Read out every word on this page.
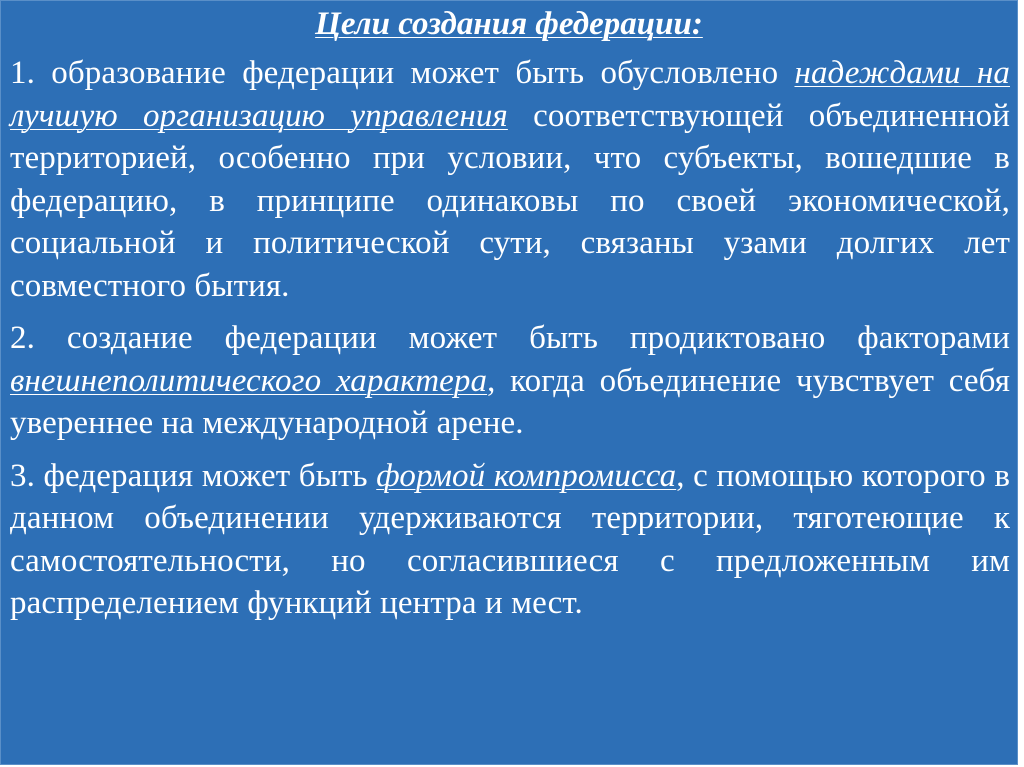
Цели создания федерации:

1. образование федерации может быть обусловлено надеждами на лучшую организацию управления соответствующей объединенной территорией, особенно при условии, что субъекты, вошедшие в федерацию, в принципе одинаковы по своей экономической, социальной и политической сути, связаны узами долгих лет совместного бытия.

2. создание федерации может быть продиктовано факторами внешнеполитического характера, когда объединение чувствует себя увереннее на международной арене.

3. федерация может быть формой компромисса, с помощью которого в данном объединении удерживаются территории, тяготеющие к самостоятельности, но согласившиеся с предложенным им распределением функций центра и мест.
